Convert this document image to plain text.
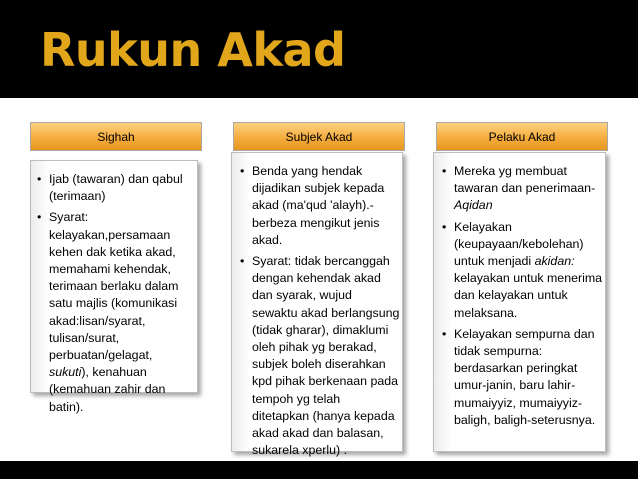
Rukun Akad
Sighah	Subjek Akad	Pelaku Akad
• Ijab (tawaran) dan qabul (terimaan)
• Syarat: kelayakan,persamaan kehen dak ketika akad, memahami kehendak, terimaan berlaku dalam satu majlis (komunikasi akad:lisan/syarat, tulisan/surat, perbuatan/gelagat, sukuti), kenahuan (kemahuan zahir dan batin).
• Benda yang hendak dijadikan subjek kepada akad (ma'qud 'alayh).- berbeza mengikut jenis akad.
• Syarat: tidak bercanggah dengan kehendak akad dan syarak, wujud sewaktu akad berlangsung (tidak gharar), dimaklumi oleh pihak yg berakad, subjek boleh diserahkan kpd pihak berkenaan pada tempoh yg telah ditetapkan (hanya kepada akad akad dan balasan, sukarela xperlu) .
• Mereka yg membuat tawaran dan penerimaan-Aqidan
• Kelayakan (keupayaan/kebolehan) untuk menjadi akidan: kelayakan untuk menerima dan kelayakan untuk melaksana.
• Kelayakan sempurna dan tidak sempurna: berdasarkan peringkat umur-janin, baru lahir-mumaiyyiz, mumaiyyiz-baligh, baligh-seterusnya.
